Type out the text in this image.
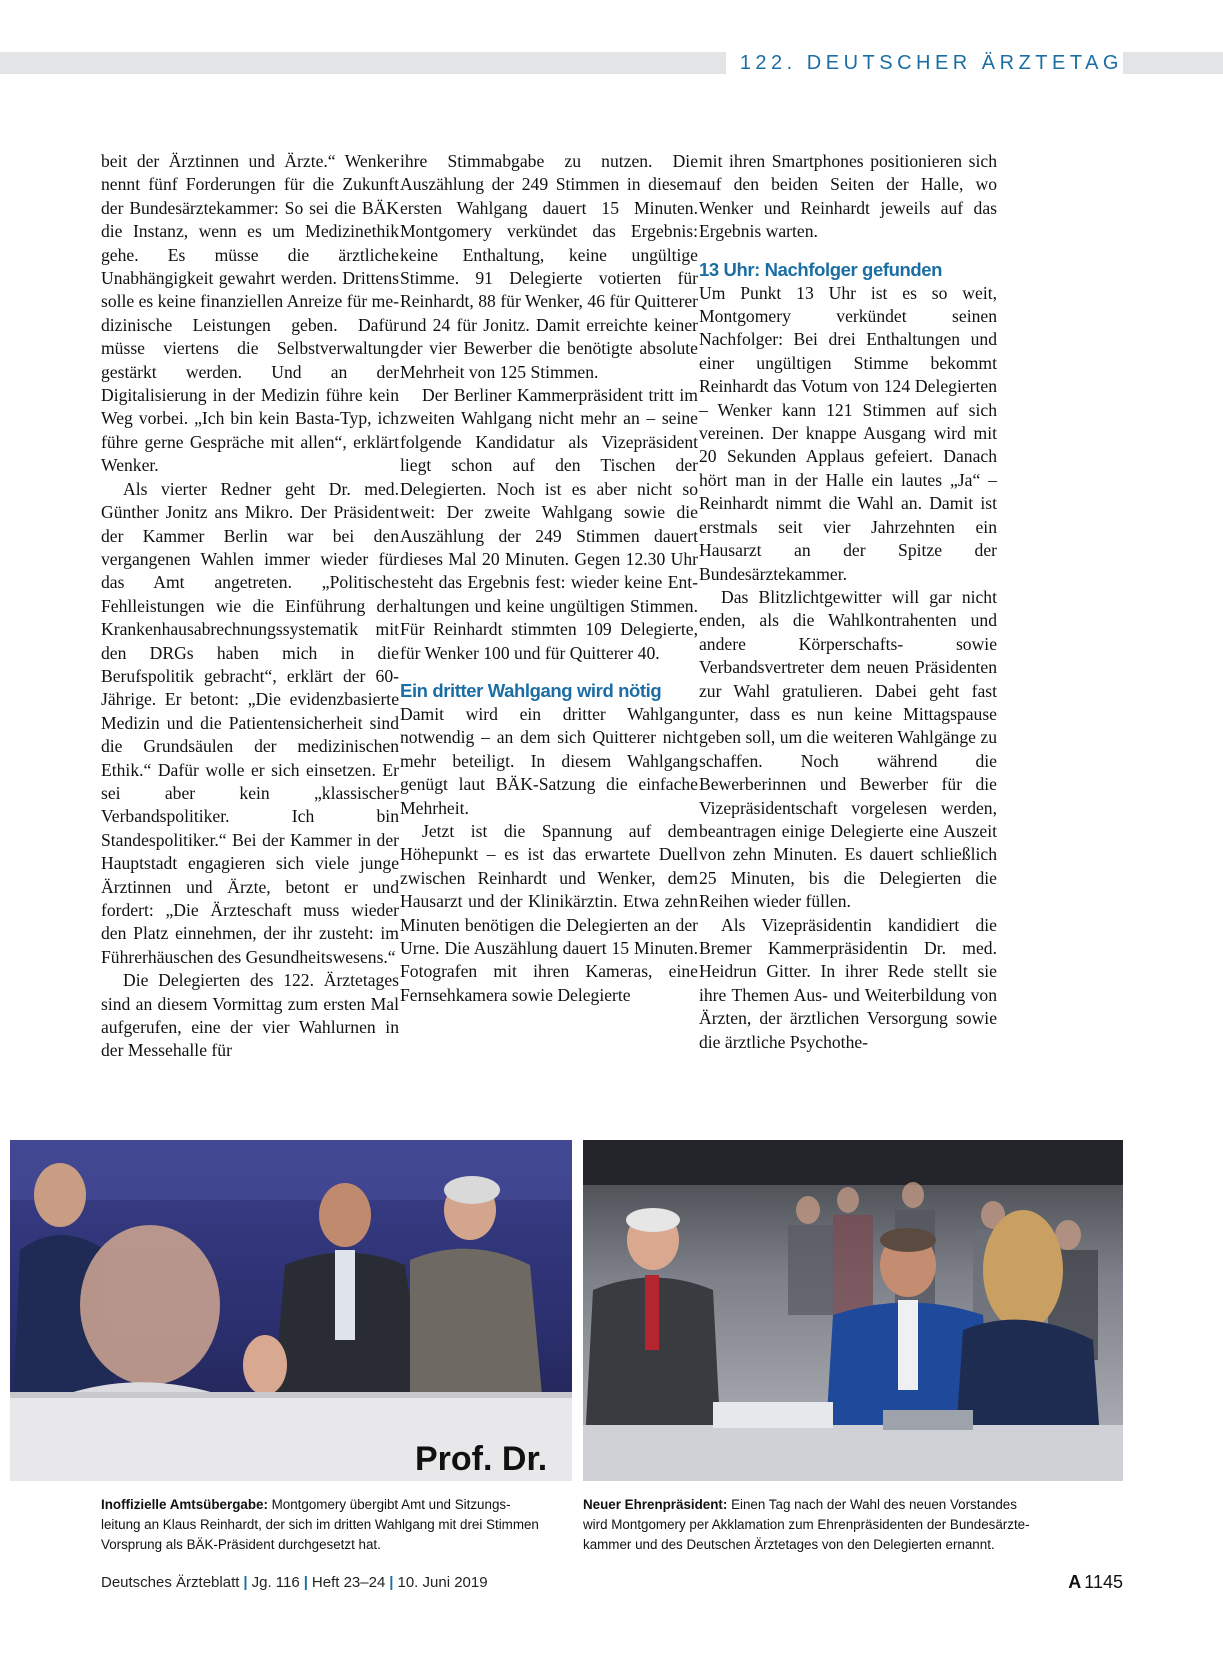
122. DEUTSCHER ÄRZTETAG

beit der Ärztinnen und Ärzte.“ Wenker nennt fünf Forderungen für die Zukunft der Bundesärztekammer: So sei die BÄK die Instanz, wenn es um Medizinethik gehe. Es müsse die ärztliche Unabhängigkeit gewahrt werden. Drittens solle es keine finanziellen Anreize für medizinische Leistungen geben. Dafür müsse viertens die Selbstverwaltung gestärkt werden. Und an der Digitalisierung in der Medizin führe kein Weg vorbei. „Ich bin kein Basta-Typ, ich führe gerne Gespräche mit allen“, erklärt Wenker.

Als vierter Redner geht Dr. med. Günther Jonitz ans Mikro. Der Präsident der Kammer Berlin war bei den vergangenen Wahlen immer wieder für das Amt angetreten. „Politische Fehlleistungen wie die Einführung der Krankenhausabrechnungssystematik mit den DRGs haben mich in die Berufspolitik gebracht“, erklärt der 60-Jährige. Er betont: „Die evidenzbasierte Medizin und die Patientensicherheit sind die Grundsäulen der medizinischen Ethik.“ Dafür wolle er sich einsetzen. Er sei aber kein „klassischer Verbandspolitiker. Ich bin Standespolitiker.“ Bei der Kammer in der Hauptstadt engagieren sich viele junge Ärztinnen und Ärzte, betont er und fordert: „Die Ärzteschaft muss wieder den Platz einnehmen, der ihr zusteht: im Führerhäuschen des Gesundheitswesens.“

Die Delegierten des 122. Ärztetages sind an diesem Vormittag zum ersten Mal aufgerufen, eine der vier Wahlurnen in der Messehalle für

ihre Stimmabgabe zu nutzen. Die Auszählung der 249 Stimmen in diesem ersten Wahlgang dauert 15 Minuten. Montgomery verkündet das Ergebnis: keine Enthaltung, keine ungültige Stimme. 91 Delegierte votierten für Reinhardt, 88 für Wenker, 46 für Quitterer und 24 für Jonitz. Damit erreichte keiner der vier Bewerber die benötigte absolute Mehrheit von 125 Stimmen.

Der Berliner Kammerpräsident tritt im zweiten Wahlgang nicht mehr an – seine folgende Kandidatur als Vizepräsident liegt schon auf den Tischen der Delegierten. Noch ist es aber nicht so weit: Der zweite Wahlgang sowie die Auszählung der 249 Stimmen dauert dieses Mal 20 Minuten. Gegen 12.30 Uhr steht das Ergebnis fest: wieder keine Enthaltungen und keine ungültigen Stimmen. Für Reinhardt stimmten 109 Delegierte, für Wenker 100 und für Quitterer 40.

Ein dritter Wahlgang wird nötig

Damit wird ein dritter Wahlgang notwendig – an dem sich Quitterer nicht mehr beteiligt. In diesem Wahlgang genügt laut BÄK-Satzung die einfache Mehrheit.

Jetzt ist die Spannung auf dem Höhepunkt – es ist das erwartete Duell zwischen Reinhardt und Wenker, dem Hausarzt und der Klinikärztin. Etwa zehn Minuten benötigen die Delegierten an der Urne. Die Auszählung dauert 15 Minuten. Fotografen mit ihren Kameras, eine Fernsehkamera sowie Delegierte

mit ihren Smartphones positionieren sich auf den beiden Seiten der Halle, wo Wenker und Reinhardt jeweils auf das Ergebnis warten.

13 Uhr: Nachfolger gefunden

Um Punkt 13 Uhr ist es so weit, Montgomery verkündet seinen Nachfolger: Bei drei Enthaltungen und einer ungültigen Stimme bekommt Reinhardt das Votum von 124 Delegierten – Wenker kann 121 Stimmen auf sich vereinen. Der knappe Ausgang wird mit 20 Sekunden Applaus gefeiert. Danach hört man in der Halle ein lautes „Ja“ – Reinhardt nimmt die Wahl an. Damit ist erstmals seit vier Jahrzehnten ein Hausarzt an der Spitze der Bundesärztekammer.

Das Blitzlichtgewitter will gar nicht enden, als die Wahlkontrahenten und andere Körperschafts- sowie Verbandsvertreter dem neuen Präsidenten zur Wahl gratulieren. Dabei geht fast unter, dass es nun keine Mittagspause geben soll, um die weiteren Wahlgänge zu schaffen. Noch während die Bewerberinnen und Bewerber für die Vizepräsidentschaft vorgelesen werden, beantragen einige Delegierte eine Auszeit von zehn Minuten. Es dauert schließlich 25 Minuten, bis die Delegierten die Reihen wieder füllen.

Als Vizepräsidentin kandidiert die Bremer Kammerpräsidentin Dr. med. Heidrun Gitter. In ihrer Rede stellt sie ihre Themen Aus- und Weiterbildung von Ärzten, der ärztlichen Versorgung sowie die ärztliche Psychothe-

Prof. Dr.
Inoffizielle Amtsübergabe: Montgomery übergibt Amt und Sitzungsleitung an Klaus Reinhardt, der sich im dritten Wahlgang mit drei Stimmen Vorsprung als BÄK-Präsident durchgesetzt hat.
Neuer Ehrenpräsident: Einen Tag nach der Wahl des neuen Vorstandes wird Montgomery per Akklamation zum Ehrenpräsidenten der Bundesärztekammer und des Deutschen Ärztetages von den Delegierten ernannt.
Deutsches Ärzteblatt | Jg. 116 | Heft 23–24 | 10. Juni 2019	A 1145
